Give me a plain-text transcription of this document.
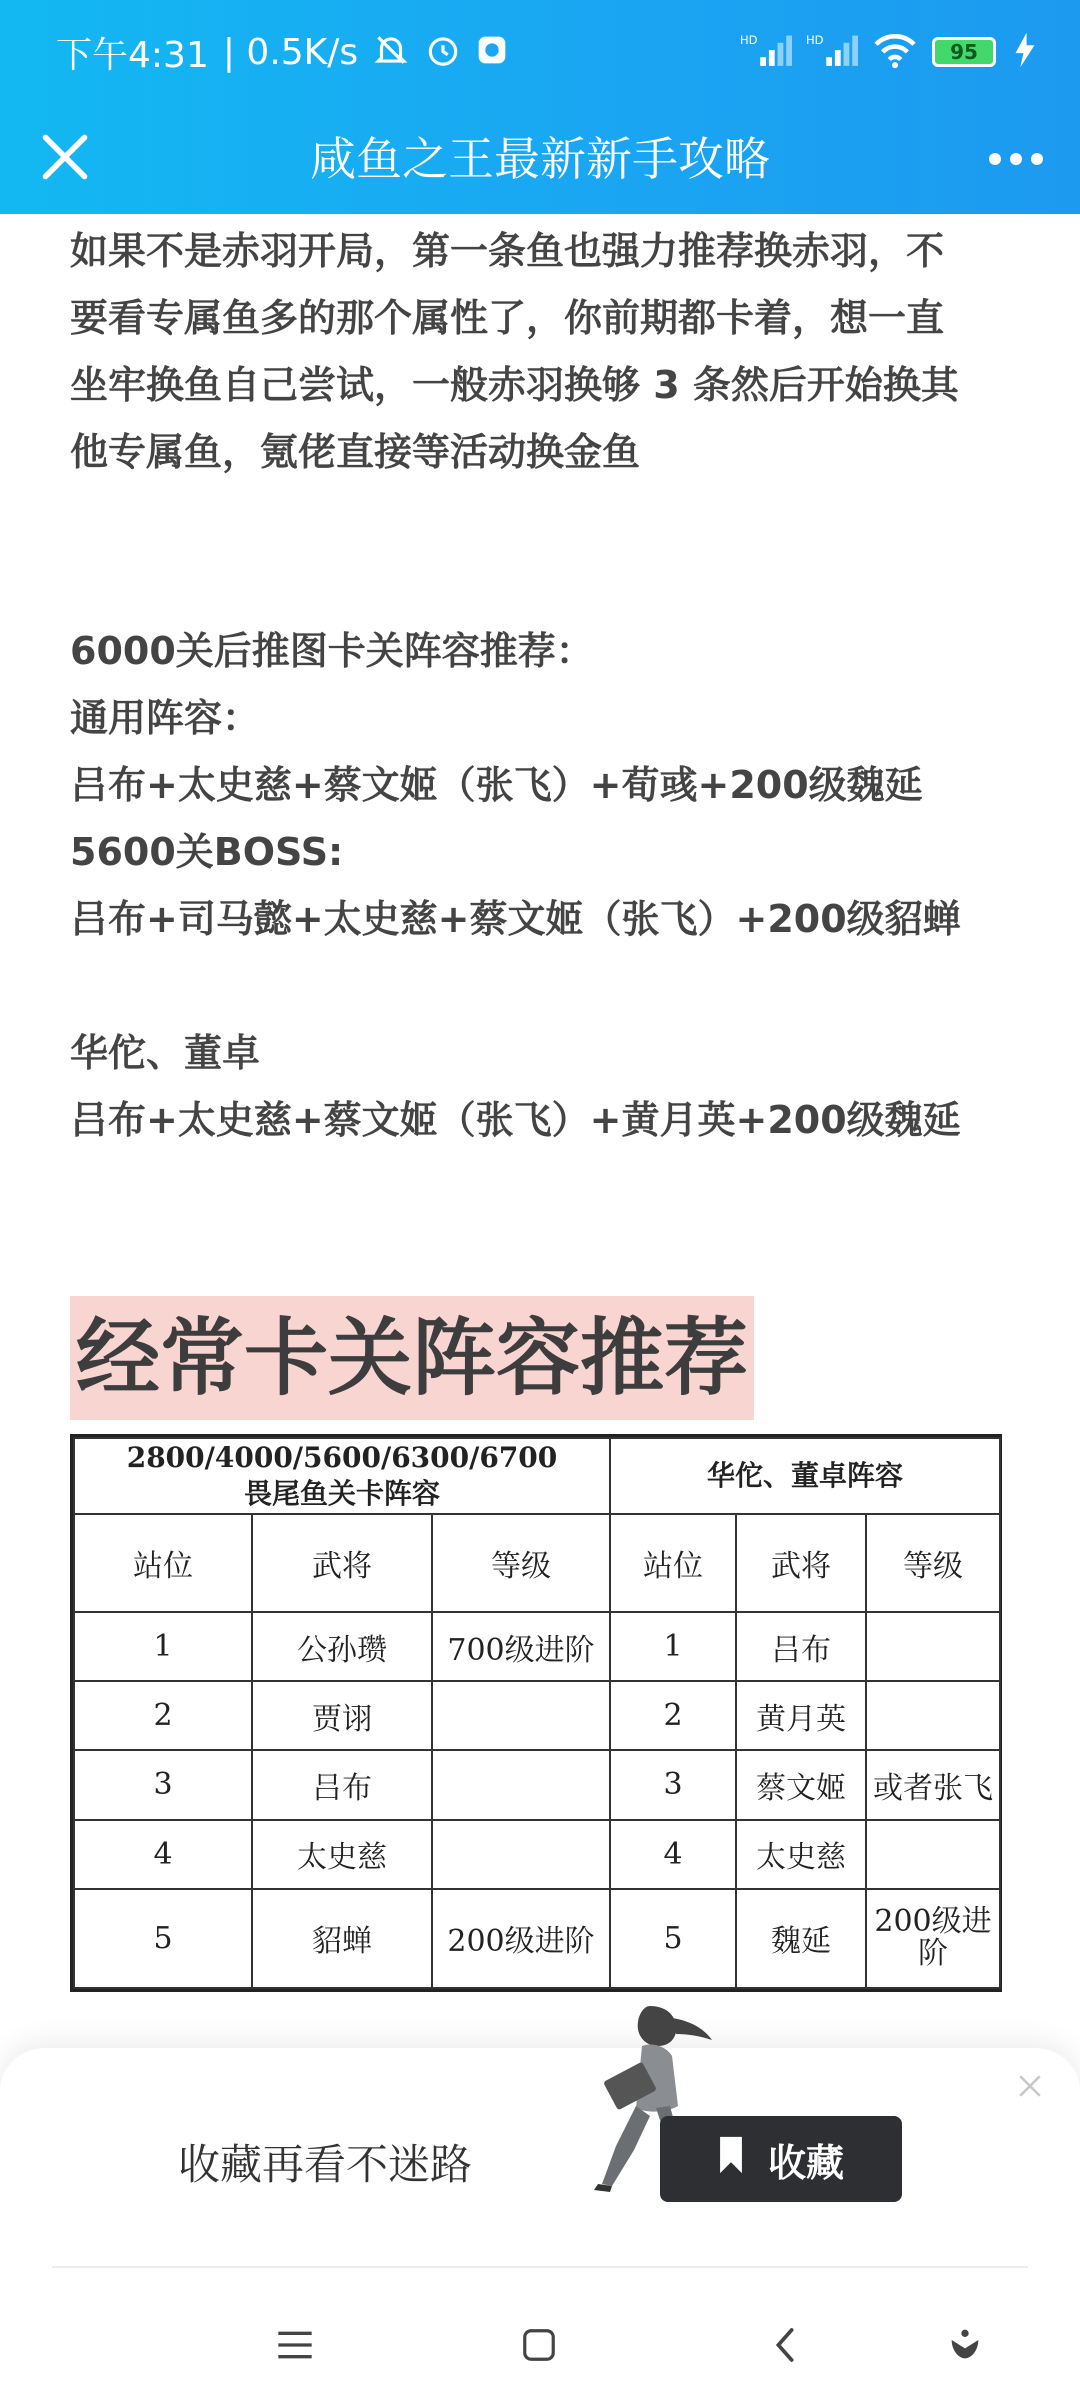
下午4:31 | 0.5K/s	HD	HD	95
咸鱼之王最新新手攻略
如果不是赤羽开局，第一条鱼也强力推荐换赤羽，不
要看专属鱼多的那个属性了，你前期都卡着，想一直
坐牢换鱼自己尝试，一般赤羽换够 3 条然后开始换其
他专属鱼，氪佬直接等活动换金鱼
6000关后推图卡关阵容推荐：
通用阵容：
吕布+太史慈+蔡文姬（张飞）+荀彧+200级魏延
5600关BOSS:
吕布+司马懿+太史慈+蔡文姬（张飞）+200级貂蝉
华佗、董卓
吕布+太史慈+蔡文姬（张飞）+黄月英+200级魏延
经常卡关阵容推荐
2800/4000/5600/6300/6700
畏尾鱼关卡阵容			华佗、董卓阵容		
站位	武将	等级	站位	武将	等级
1	公孙瓒	700级进阶	1	吕布	
2	贾诩		2	黄月英	
3	吕布		3	蔡文姬	或者张飞
4	太史慈		4	太史慈	
5	貂蝉	200级进阶	5	魏延	200级进阶
收藏再看不迷路	收藏
